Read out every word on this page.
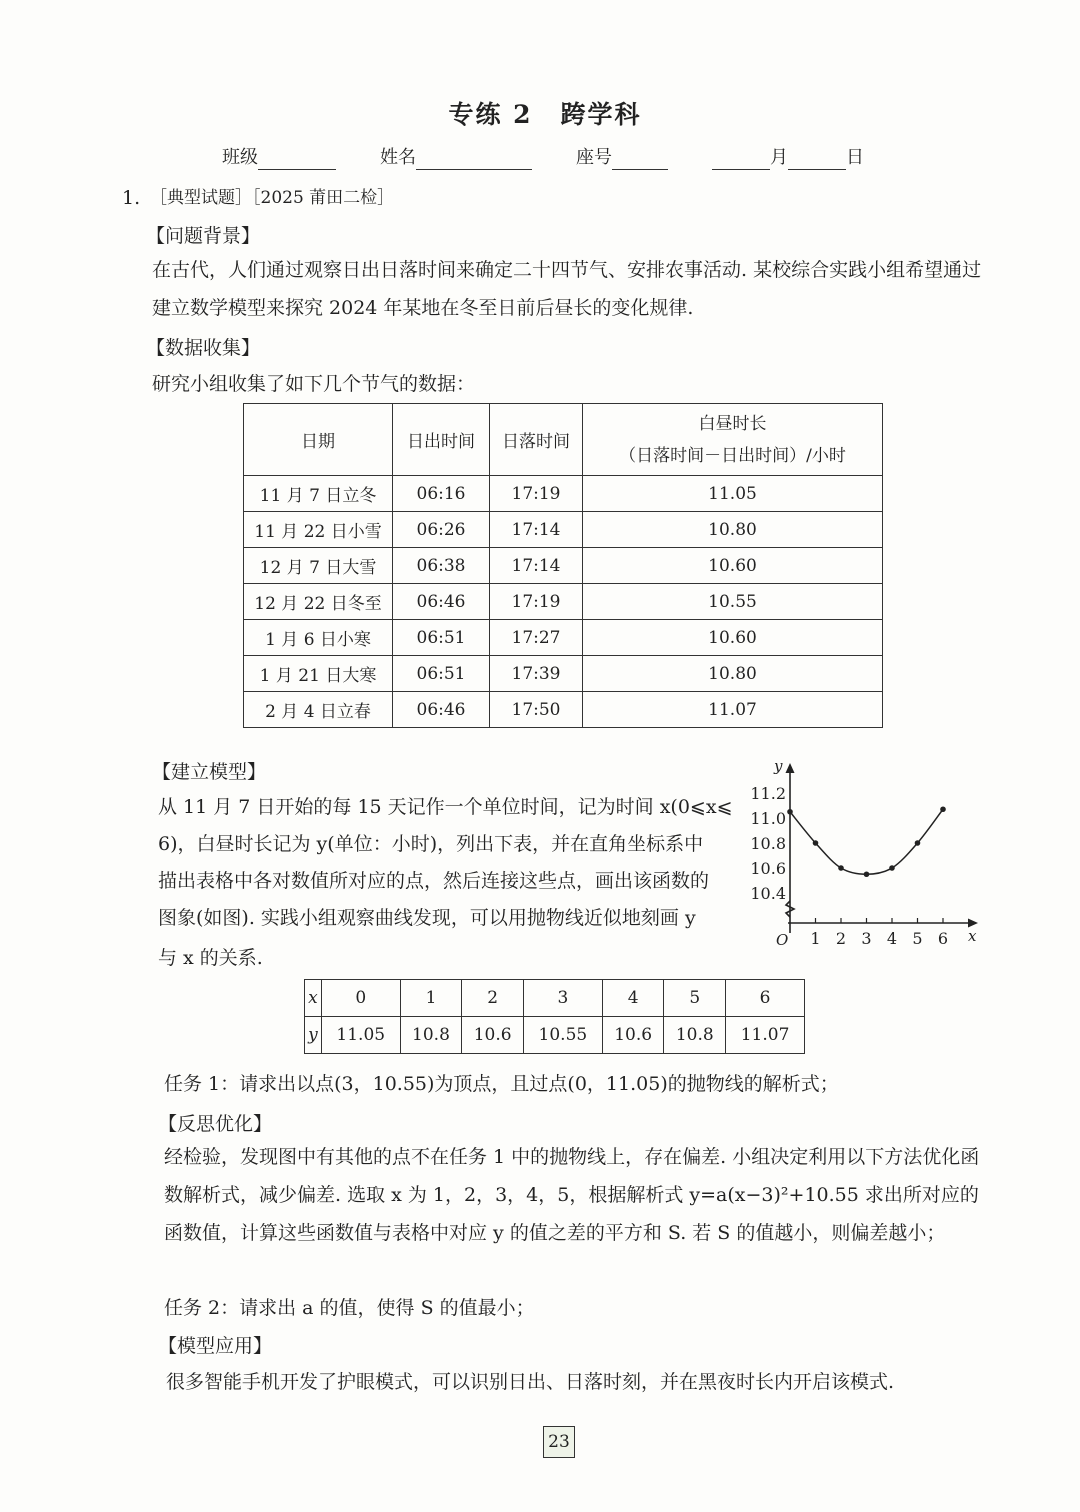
专练 2 跨学科
班级	姓名	座号	月	日
1. ［典型试题］［2025 莆田二检］
【问题背景】
在古代，人们通过观察日出日落时间来确定二十四节气、安排农事活动. 某校综合实践小组希望通过建立数学模型来探究 2024 年某地在冬至日前后昼长的变化规律.
【数据收集】
研究小组收集了如下几个节气的数据：
日期	日出时间	日落时间	白昼时长
（日落时间－日出时间）/小时

11 月 7 日立冬	06:16	17:19	11.05
11 月 22 日小雪	06:26	17:14	10.80
12 月 7 日大雪	06:38	17:14	10.60
12 月 22 日冬至	06:46	17:19	10.55
1 月 6 日小寒	06:51	17:27	10.60
1 月 21 日大寒	06:51	17:39	10.80
2 月 4 日立春	06:46	17:50	11.07
【建立模型】
从 11 月 7 日开始的每 15 天记作一个单位时间，记为时间 x(0⩽x⩽
6)，白昼时长记为 y(单位：小时)，列出下表，并在直角坐标系中
描出表格中各对数值所对应的点，然后连接这些点，画出该函数的
图象(如图). 实践小组观察曲线发现，可以用抛物线近似地刻画 y
与 x 的关系.
y
x
O 1 2 3 4 5 6
10.4
10.6
10.8
11.0
11.2
x	0	1	2	3	4	5	6
y	11.05	10.8	10.6	10.55	10.6	10.8	11.07
任务 1：请求出以点(3，10.55)为顶点，且过点(0，11.05)的抛物线的解析式；
【反思优化】
经检验，发现图中有其他的点不在任务 1 中的抛物线上，存在偏差. 小组决定利用以下方法优化函数解析式，减少偏差. 选取 x 为 1，2，3，4，5，根据解析式 y=a(x−3)²+10.55 求出所对应的函数值，计算这些函数值与表格中对应 y 的值之差的平方和 S. 若 S 的值越小，则偏差越小；
任务 2：请求出 a 的值，使得 S 的值最小；
【模型应用】
很多智能手机开发了护眼模式，可以识别日出、日落时刻，并在黑夜时长内开启该模式.
23
